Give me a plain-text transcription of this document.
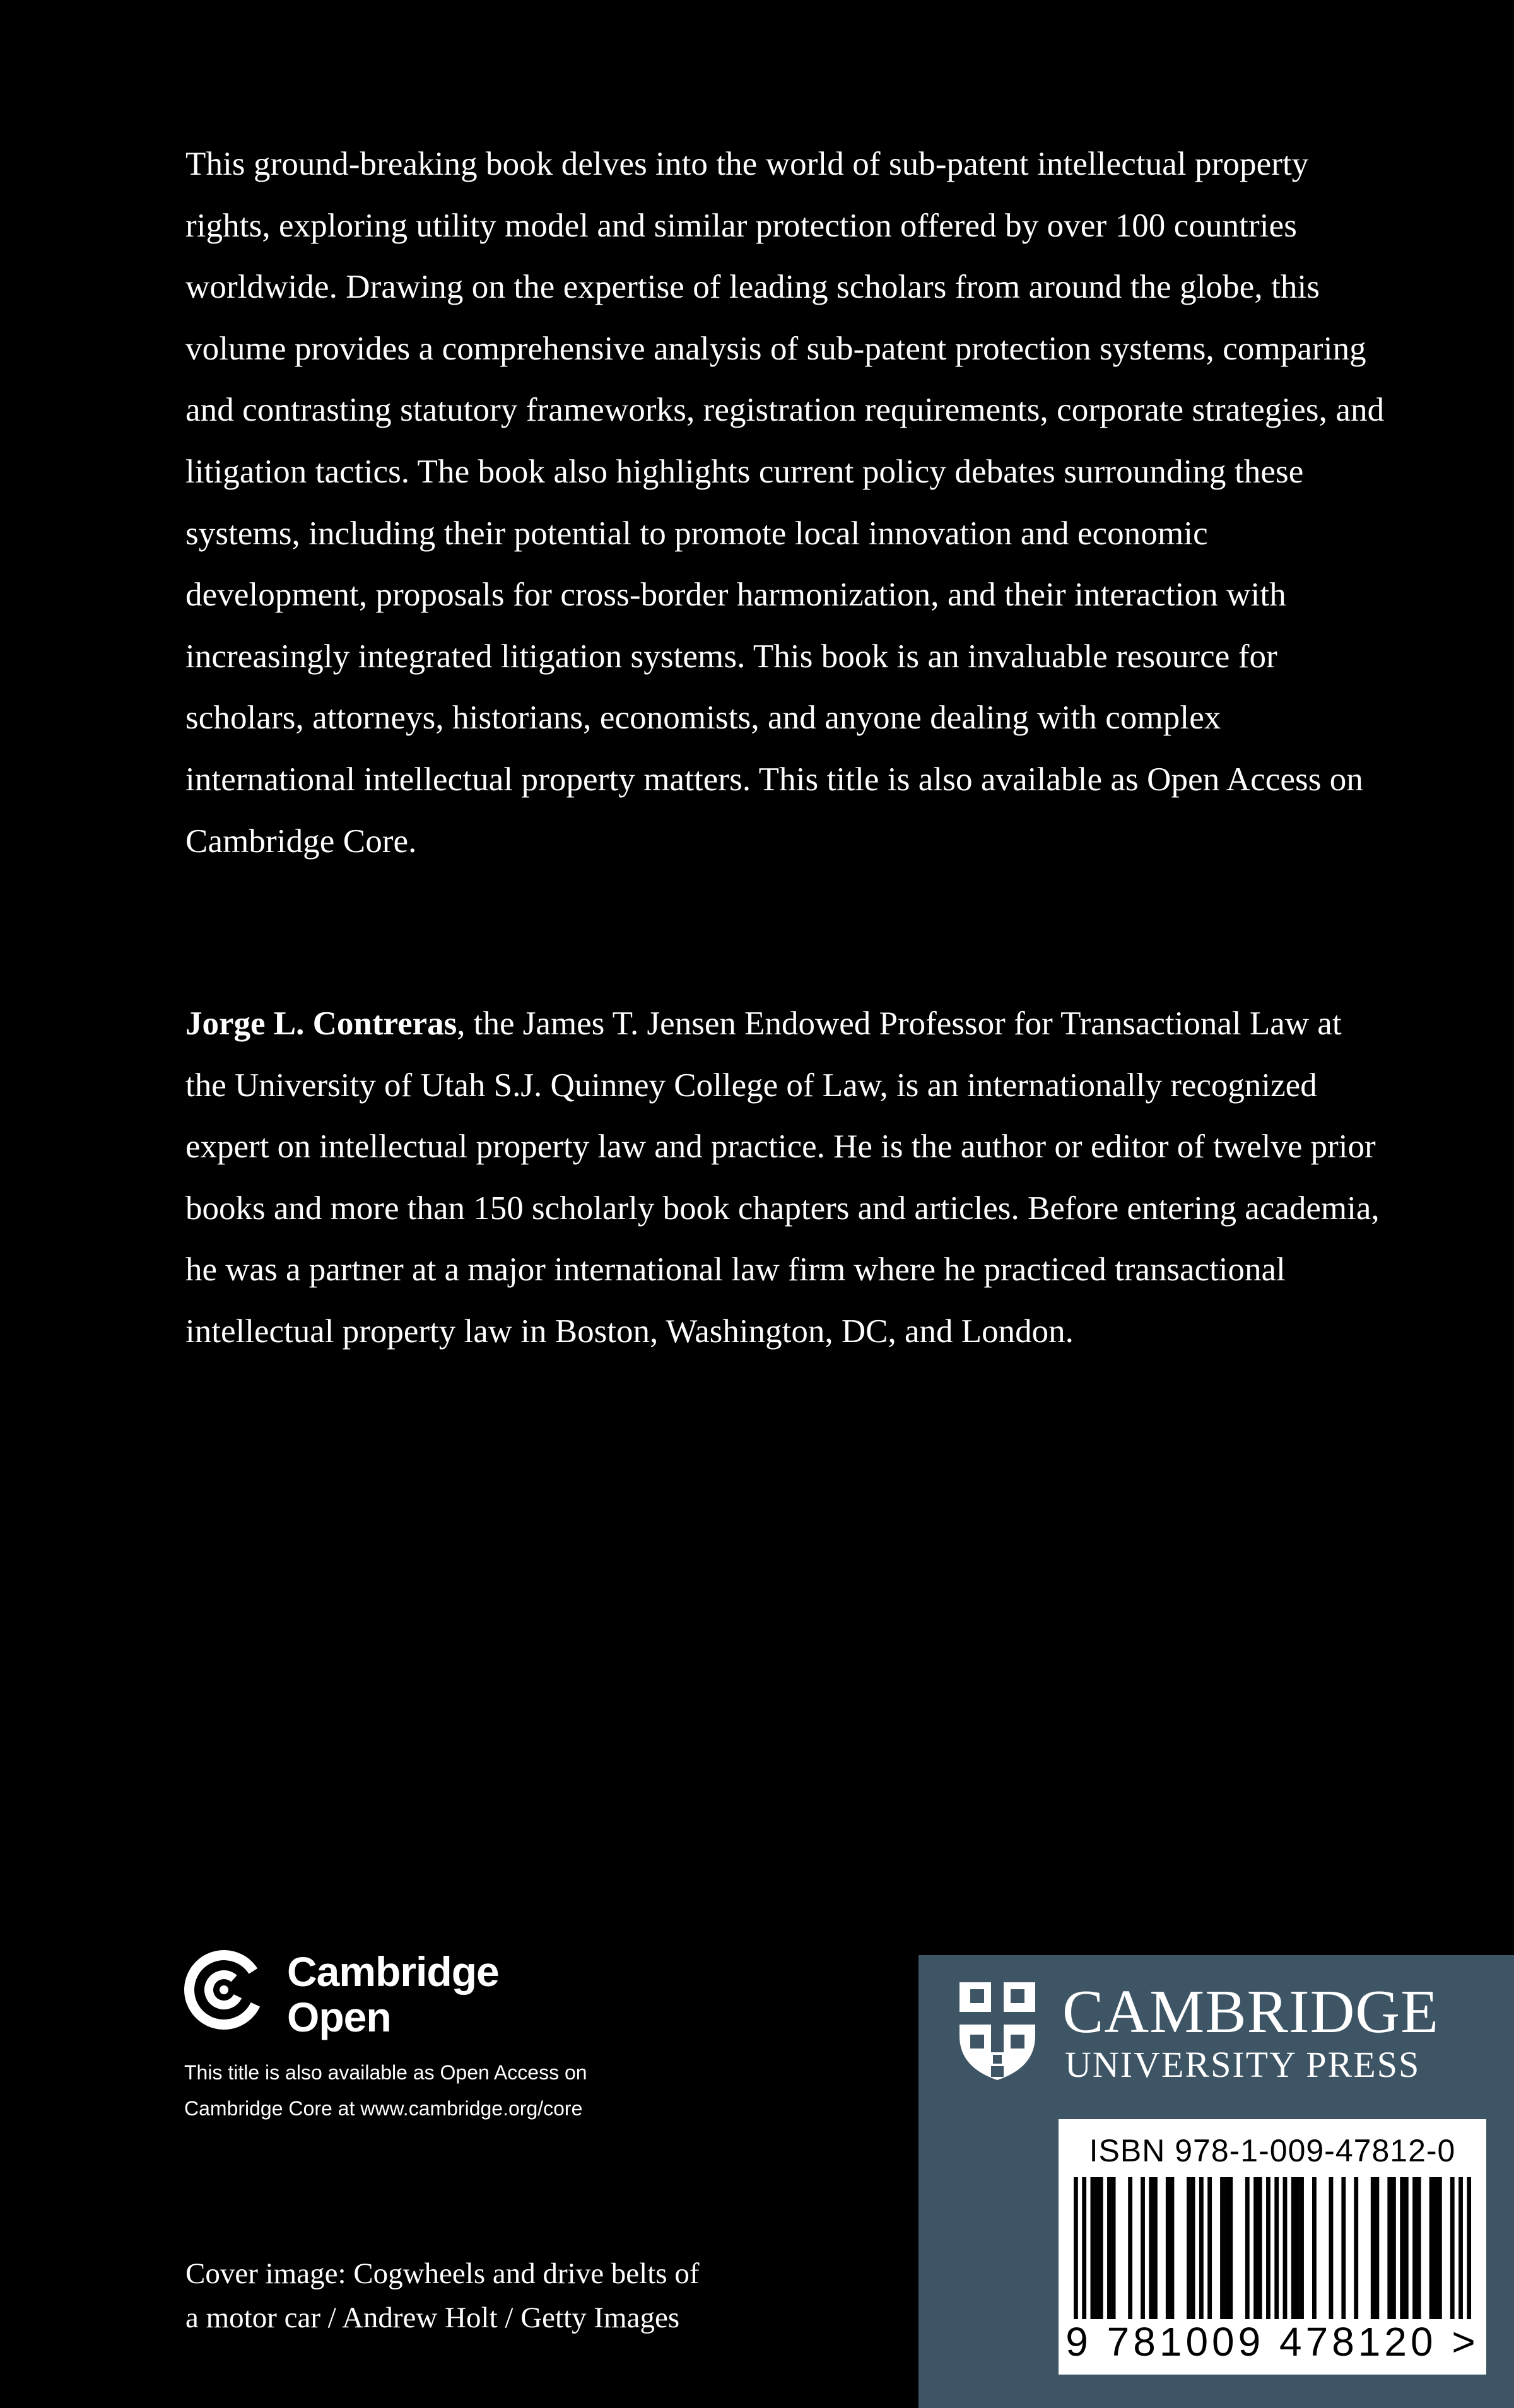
This ground-breaking book delves into the world of sub-patent intellectual property rights, exploring utility model and similar protection offered by over 100 countries worldwide. Drawing on the expertise of leading scholars from around the globe, this volume provides a comprehensive analysis of sub-patent protection systems, comparing and contrasting statutory frameworks, registration requirements, corporate strategies, and litigation tactics. The book also highlights current policy debates surrounding these systems, including their potential to promote local innovation and economic development, proposals for cross-border harmonization, and their interaction with increasingly integrated litigation systems. This book is an invaluable resource for scholars, attorneys, historians, economists, and anyone dealing with complex international intellectual property matters. This title is also available as Open Access on Cambridge Core.

Jorge L. Contreras, the James T. Jensen Endowed Professor for Transactional Law at the University of Utah S.J. Quinney College of Law, is an internationally recognized expert on intellectual property law and practice. He is the author or editor of twelve prior books and more than 150 scholarly book chapters and articles. Before entering academia, he was a partner at a major international law firm where he practiced transactional intellectual property law in Boston, Washington, DC, and London.

Cambridge
Open
This title is also available as Open Access on
Cambridge Core at www.cambridge.org/core
Cover image: Cogwheels and drive belts of
a motor car / Andrew Holt / Getty Images
CAMBRIDGE
UNIVERSITY PRESS
ISBN 978-1-009-47812-0
9 781009 478120 >
